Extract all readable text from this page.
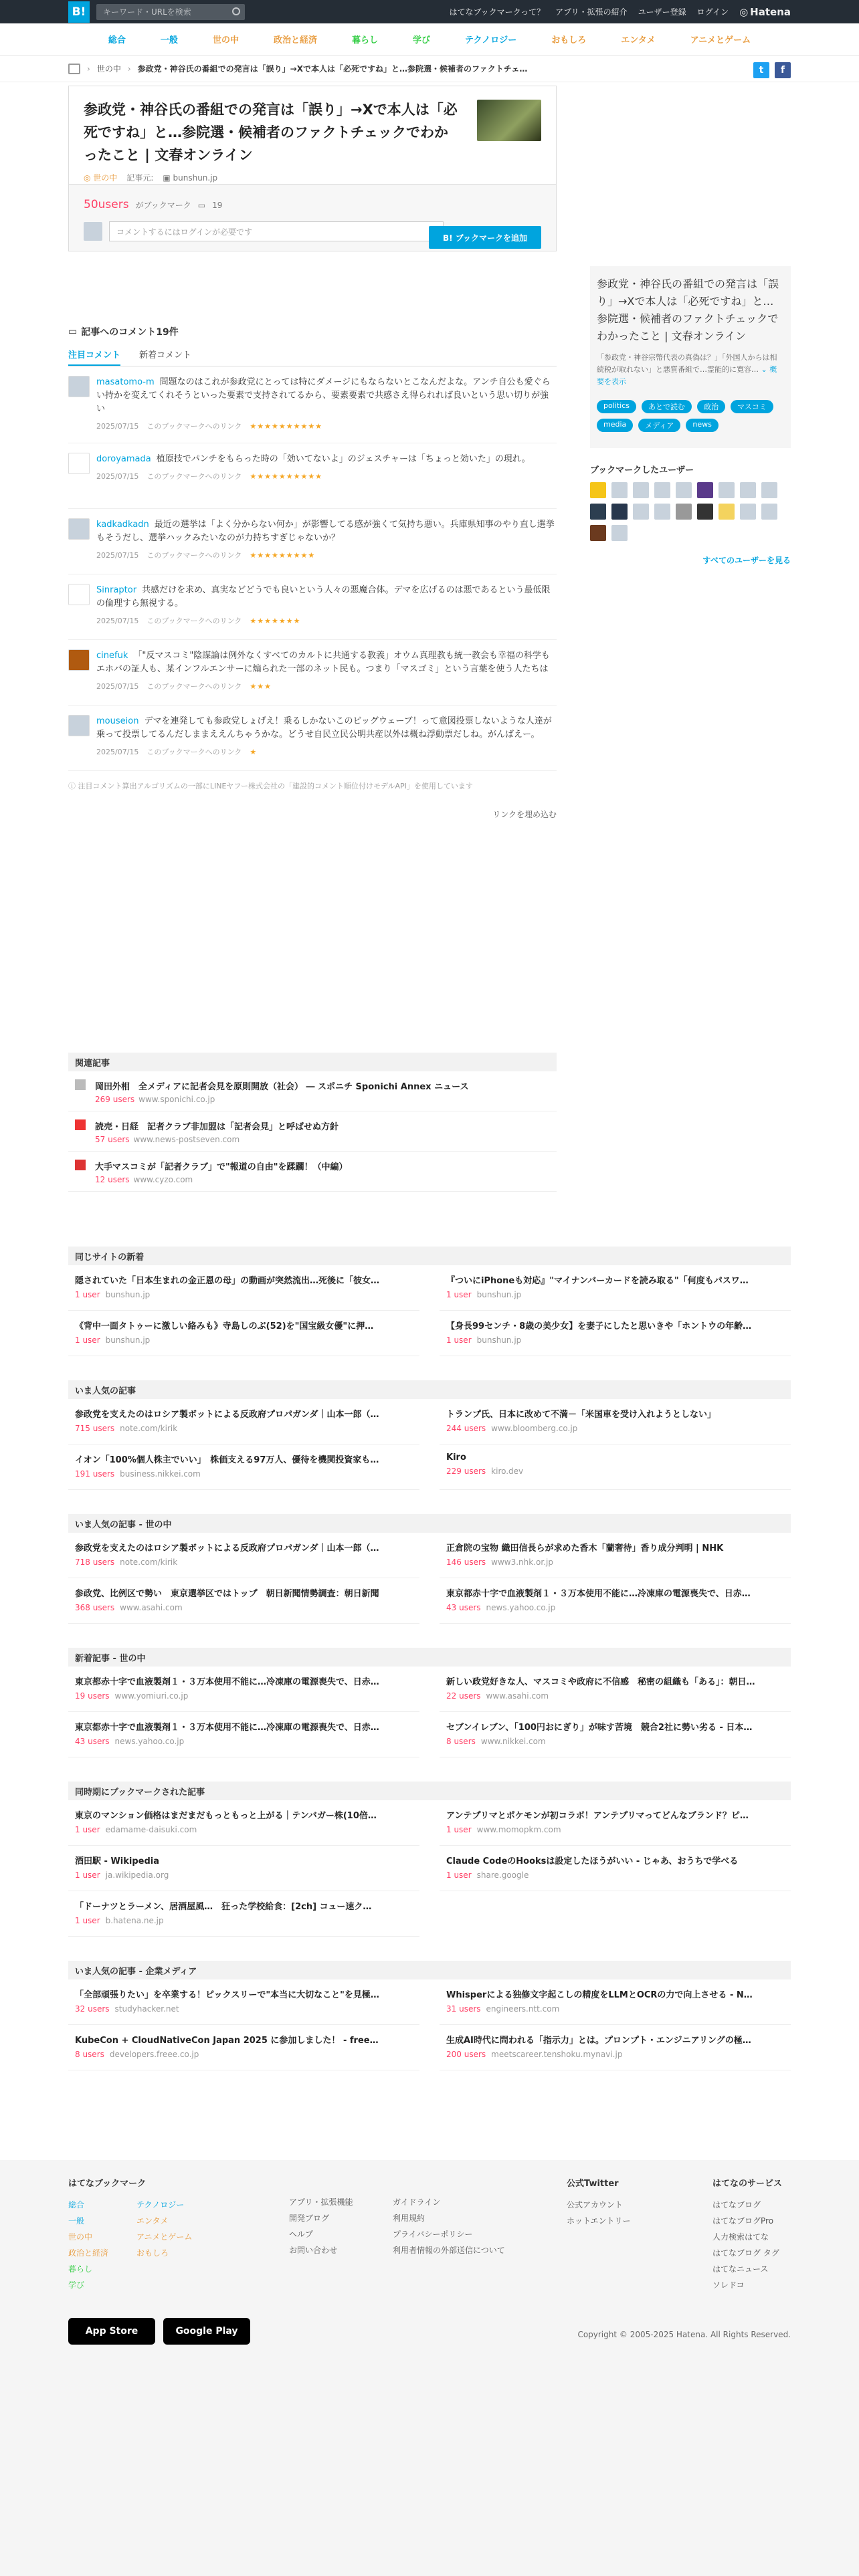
B!	キーワード・URLを検索	はてなブックマークって？ アプリ・拡張の紹介 ユーザー登録 ログイン ◎ Hatena
総合	一般	世の中	政治と経済	暮らし	学び	テクノロジー	おもしろ	エンタメ	アニメとゲーム
› 世の中 › 参政党・神谷氏の番組での発言は「誤り」→Xで本人は「必死ですね」と…参院選・候補者のファクトチェ…	t	f
参政党・神谷氏の番組での発言は「誤り」→Xで本人は「必死ですね」と…参院選・候補者のファクトチェックでわかったこと | 文春オンライン
◎ 世の中 記事元: ▣ bunshun.jp
50users がブックマーク ▭ 19
コメントするにはログインが必要です
B! ブックマークを追加
▭ 記事へのコメント19件
注目コメント 新着コメント
masatomo-m 問題なのはこれが参政党にとっては特にダメージにもならないとこなんだよな。アンチ自公も愛ぐらい持かを変えてくれそうといった要素で支持されてるから、要素要素で共感さえ得られれば良いという思い切りが強い
2025/07/15 このブックマークへのリンク ★★★★★★★★★★
doroyamada 植原技でパンチをもらった時の「効いてないよ」のジェスチャーは「ちょっと効いた」の現れ。
2025/07/15 このブックマークへのリンク ★★★★★★★★★★
kadkadkadn 最近の選挙は「よく分からない何か」が影響してる感が強くて気持ち悪い。兵庫県知事のやり直し選挙もそうだし、選挙ハックみたいなのが力持ちすぎじゃないか？
2025/07/15 このブックマークへのリンク ★★★★★★★★★
Sinraptor 共感だけを求め、真実などどうでも良いという人々の悪魔合体。デマを広げるのは悪であるという最低限の倫理すら無視する。
2025/07/15 このブックマークへのリンク ★★★★★★★
cinefuk 「"反マスコミ"陰謀論は例外なくすべてのカルトに共通する教義」オウム真理教も統一教会も幸福の科学もエホバの証人も、某インフルエンサーに煽られた一部のネット民も。つまり「マスゴミ」という言葉を使う人たちは
2025/07/15 このブックマークへのリンク ★★★
mouseion デマを連発しても参政党しょげえ！乗るしかないこのビッグウェーブ！って意図投票しないような人達が乗って投票してるんだしままええんちゃうかな。どうせ自民立民公明共産以外は概ね浮動票だしね。がんばえー。
2025/07/15 このブックマークへのリンク ★
ⓘ 注目コメント算出アルゴリズムの一部にLINEヤフー株式会社の「建設的コメント順位付けモデルAPI」を使用しています
リンクを埋め込む
関連記事
岡田外相　全メディアに記者会見を原則開放（社会） ― スポニチ Sponichi Annex ニュース
269 users www.sponichi.co.jp
読売・日経　記者クラブ非加盟は「記者会見」と呼ばせぬ方針
57 users www.news-postseven.com
大手マスコミが「記者クラブ」で"報道の自由"を蹂躙！（中編）
12 users www.cyzo.com
参政党・神谷氏の番組での発言は「誤り」→Xで本人は「必死ですね」と…参院選・候補者のファクトチェックでわかったこと | 文春オンライン
「参政党・神谷宗幣代表の真偽は？」「外国人からは相続税が取れない」と悪質番組で…霊能的に寛容… ⌄ 概要を表示
politics	あとで読む	政治	マスコミ
media	メディア	news
ブックマークしたユーザー
すべてのユーザーを見る
同じサイトの新着
隠されていた「日本生まれの金正恩の母」の動画が突然流出…死後に「彼女…
1 user bunshun.jp
『ついにiPhoneも対応』"マイナンバーカードを読み取る"「何度もパスワ…
1 user bunshun.jp
《背中一面タトゥーに激しい絡みも》寺島しのぶ(52)を"国宝級女優"に押…
1 user bunshun.jp
【身長99センチ・8歳の美少女】を妻子にしたと思いきや「ホントウの年齢…
1 user bunshun.jp
いま人気の記事
参政党を支えたのはロシア製ボットによる反政府プロパガンダ｜山本一郎（…
715 users note.com/kirik
トランプ氏、日本に改めて不満－「米国車を受け入れようとしない」
244 users www.bloomberg.co.jp
イオン「100%個人株主でいい」　株価支える97万人、優待を機関投資家も…
191 users business.nikkei.com
Kiro
229 users kiro.dev
いま人気の記事 - 世の中
参政党を支えたのはロシア製ボットによる反政府プロパガンダ｜山本一郎（…
718 users note.com/kirik
正倉院の宝物 織田信長らが求めた香木「蘭奢待」香り成分判明 | NHK
146 users www3.nhk.or.jp
参政党、比例区で勢い　東京選挙区ではトップ　朝日新聞情勢調査：朝日新聞
368 users www.asahi.com
東京都赤十字で血液製剤１・３万本使用不能に…冷凍庫の電源喪失で、日赤…
43 users news.yahoo.co.jp
新着記事 - 世の中
東京都赤十字で血液製剤１・３万本使用不能に…冷凍庫の電源喪失で、日赤…
19 users www.yomiuri.co.jp
新しい政党好きな人、マスコミや政府に不信感　秘密の組織も「ある」：朝日…
22 users www.asahi.com
東京都赤十字で血液製剤１・３万本使用不能に…冷凍庫の電源喪失で、日赤…
43 users news.yahoo.co.jp
セブンイレブン、「100円おにぎり」が味す苦境　競合2社に勢い劣る - 日本…
8 users www.nikkei.com
同時期にブックマークされた記事
東京のマンション価格はまだまだもっともっと上がる｜テンバガー株(10倍…
1 user edamame-daisuki.com
アンテプリマとポケモンが初コラボ！アンテプリマってどんなブランド？ピ…
1 user www.momopkm.com
酒田駅 - Wikipedia
1 user ja.wikipedia.org
Claude CodeのHooksは設定したほうがいい - じゃあ、おうちで学べる
1 user share.google
「ドーナツとラーメン、居酒屋風…　狂った学校給食：[2ch] コュー速ク…
1 user b.hatena.ne.jp
いま人気の記事 - 企業メディア
「全部頑張りたい」を卒業する！ピックスリーで"本当に大切なこと"を見極…
32 users studyhacker.net
Whisperによる独修文字起こしの精度をLLMとOCRの力で向上させる - N…
31 users engineers.ntt.com
KubeCon + CloudNativeCon Japan 2025 に参加しました！ - free…
8 users developers.freee.co.jp
生成AI時代に問われる「指示力」とは。プロンプト・エンジニアリングの極…
200 users meetscareer.tenshoku.mynavi.jp
はてなブックマーク
総合
一般
世の中
政治と経済
暮らし
学び
テクノロジー
エンタメ
アニメとゲーム
おもしろ
アプリ・拡張機能
開発ブログ
ヘルプ
お問い合わせ
ガイドライン
利用規約
プライバシーポリシー
利用者情報の外部送信について
公式Twitter
公式アカウント
ホットエントリー
はてなのサービス
はてなブログ
はてなブログPro
人力検索はてな
はてなブログ タグ
はてなニュース
ソレドコ
App Store	Google Play	Copyright © 2005-2025 Hatena. All Rights Reserved.
